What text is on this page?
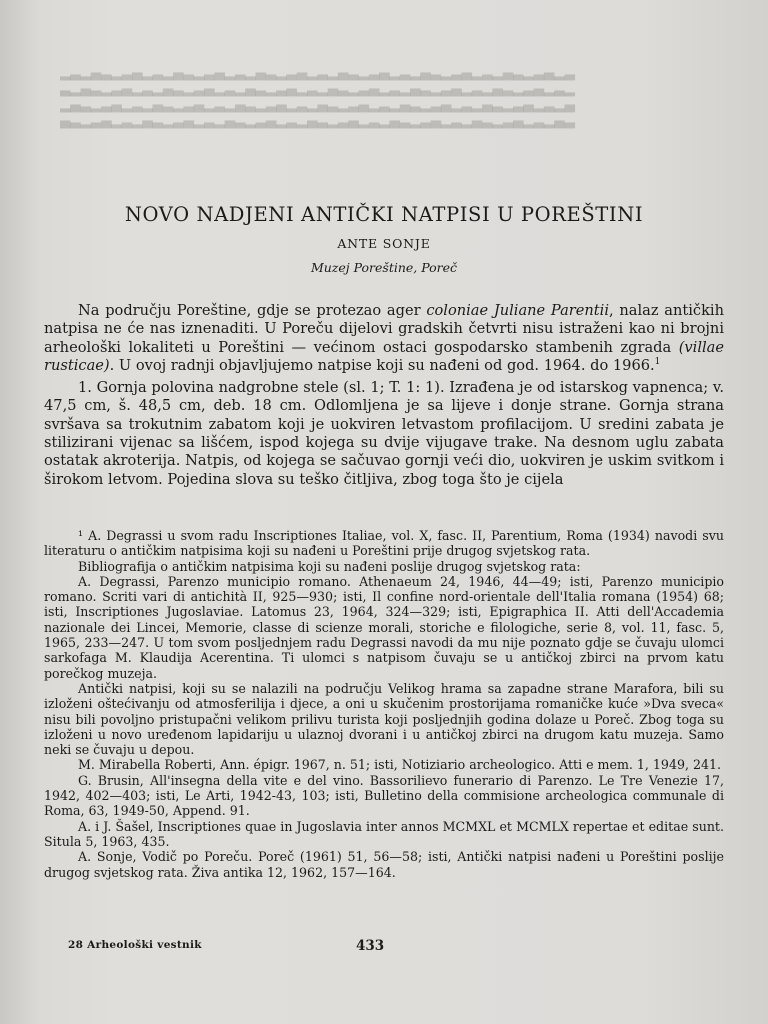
▂▃▂▄▃▂▃▄▂▃▂▄▃▂▃▄▂▃▂▄▃▂▃▄▂▃▂▄▃▂▃▄▂▃▂▄▃▂▃▄▂▃▂▄▃▂▃▄▂▃
▃▂▄▃▂▃▄▂▃▂▄▃▂▃▄▂▃▂▄▃▂▃▄▂▃▂▄▃▂▃▄▂▃▂▄▃▂▃▄▂▃▂▄▃▂▃▄▂▃▂
▂▄▃▂▃▄▂▃▂▄▃▂▃▄▂▃▂▄▃▂▃▄▂▃▂▄▃▂▃▄▂▃▂▄▃▂▃▄▂▃▂▄▃▂▃▄▂▃▂▄
▄▃▂▃▄▂▃▂▄▃▂▃▄▂▃▂▄▃▂▃▄▂▃▂▄▃▂▃▄▂▃▂▄▃▂▃▄▂▃▂▄▃▂▃▄▂▃▂▄▃
NOVO NADJENI ANTIČKI NATPISI U POREŠTINI
ANTE SONJE
Muzej Poreštine, Poreč

Na području Poreštine, gdje se protezao ager coloniae Juliane Parentii, nalaz antičkih natpisa ne će nas iznenaditi. U Poreču dijelovi gradskih četvrti nisu istraženi kao ni brojni arheološki lokaliteti u Poreštini — većinom ostaci gospodarsko stambenih zgrada (villae rusticae). U ovoj radnji objavljujemo natpise koji su nađeni od god. 1964. do 1966.$^1$

1. Gornja polovina nadgrobne stele (sl. 1; T. 1: 1). Izrađena je od istarskog vapnenca; v. 47,5 cm, š. 48,5 cm, deb. 18 cm. Odlomljena je sa lijeve i donje strane. Gornja strana svršava sa trokutnim zabatom koji je uokviren letvastom profilacijom. U sredini zabata je stilizirani vijenac sa lišćem, ispod kojega su dvije vijugave trake. Na desnom uglu zabata ostatak akroterija. Natpis, od kojega se sačuvao gornji veći dio, uokviren je uskim svitkom i širokom letvom. Pojedina slova su teško čitljiva, zbog toga što je cijela

¹ A. Degrassi u svom radu Inscriptiones Italiae, vol. X, fasc. II, Parentium, Roma (1934) navodi svu literaturu o antičkim natpisima koji su nađeni u Poreštini prije drugog svjetskog rata.

Bibliografija o antičkim natpisima koji su nađeni poslije drugog svjetskog rata:

A. Degrassi, Parenzo municipio romano. Athenaeum 24, 1946, 44—49; isti, Parenzo municipio romano. Scriti vari di antichità II, 925—930; isti, Il confine nord-orientale dell'Italia romana (1954) 68; isti, Inscriptiones Jugoslaviae. Latomus 23, 1964, 324—329; isti, Epigraphica II. Atti dell'Accademia nazionale dei Lincei, Memorie, classe di scienze morali, storiche e filologiche, serie 8, vol. 11, fasc. 5, 1965, 233—247. U tom svom posljednjem radu Degrassi navodi da mu nije poznato gdje se čuvaju ulomci sarkofaga M. Klaudija Acerentina. Ti ulomci s natpisom čuvaju se u antičkoj zbirci na prvom katu porečkog muzeja.

Antički natpisi, koji su se nalazili na području Velikog hrama sa zapadne strane Marafora, bili su izloženi oštećivanju od atmosferilija i djece, a oni u skučenim prostorijama romaničke kuće »Dva sveca« nisu bili povoljno pristupačni velikom prilivu turista koji posljednjih godina dolaze u Poreč. Zbog toga su izloženi u novo uređenom lapidariju u ulaznoj dvorani i u antičkoj zbirci na drugom katu muzeja. Samo neki se čuvaju u depou.

M. Mirabella Roberti, Ann. épigr. 1967, n. 51; isti, Notiziario archeologico. Atti e mem. 1, 1949, 241.

G. Brusin, All'insegna della vite e del vino. Bassorilievo funerario di Parenzo. Le Tre Venezie 17, 1942, 402—403; isti, Le Arti, 1942-43, 103; isti, Bulletino della commisione archeologica communale di Roma, 63, 1949-50, Append. 91.

A. i J. Šašel, Inscriptiones quae in Jugoslavia inter annos MCMXL et MCMLX repertae et editae sunt. Situla 5, 1963, 435.

A. Sonje, Vodič po Poreču. Poreč (1961) 51, 56—58; isti, Antički natpisi nađeni u Poreštini poslije drugog svjetskog rata. Živa antika 12, 1962, 157—164.

28 Arheološki vestnik	433
